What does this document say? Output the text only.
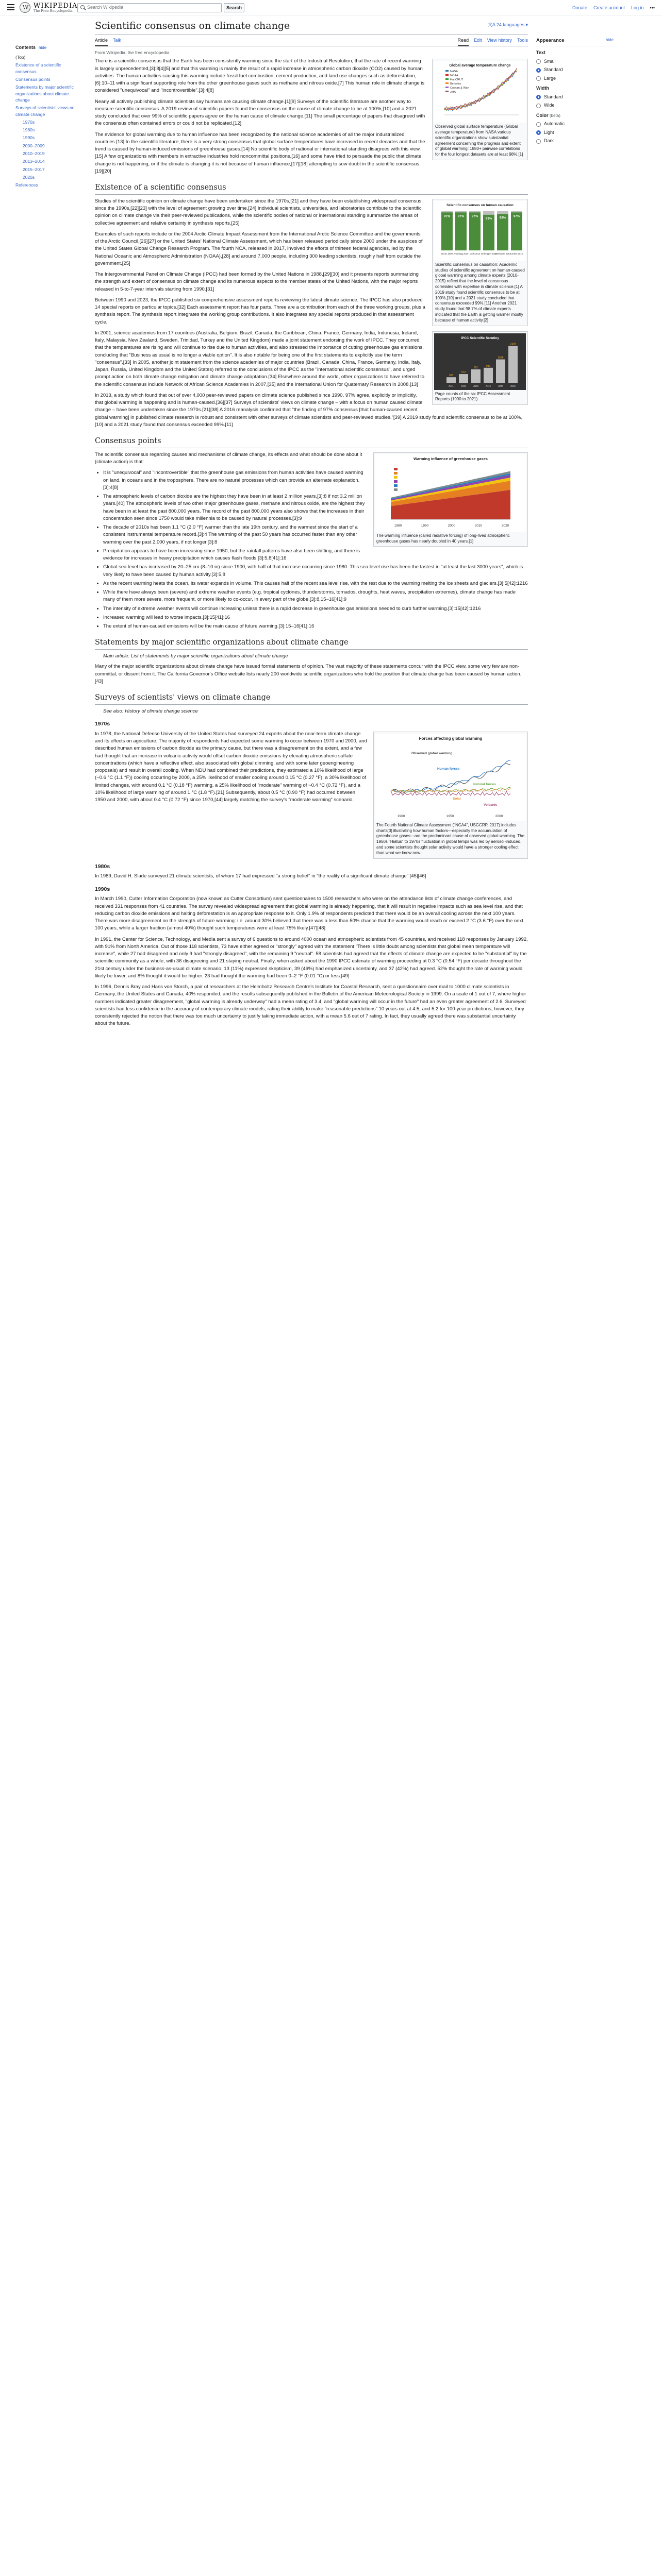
W
WIKIPEDIA
The Free Encyclopedia
Search Wikipedia	Search	Donate Create account Log in •••
Contents hide
(Top)
Existence of a scientific consensus
Consensus points
Statements by major scientific organizations about climate change
Surveys of scientists' views on climate change
1970s
1980s
1990s
2000–2009
2010–2019
2013–2014
2015–2017
2020s
References
Appearance	hide
Text
Small
Standard
Large
Width
Standard
Wide
Color (beta)
Automatic
Light
Dark
Scientific consensus on climate change	文A 24 languages ▾
Article Talk	Read Edit View history Tools
From Wikipedia, the free encyclopedia
Global average temperature change
NASA
NOAA
HadCRUT
Berkeley
Cowtan & Way
JMA
Observed global surface temperature (Global average temperature) from NASA various scientific organizations show substantial agreement concerning the progress and extent of global warming: 1880+ pairwise correlations for the four longest datasets are at least 98%.[1]

There is a scientific consensus that the Earth has been consistently warming since the start of the Industrial Revolution, that the rate of recent warming is largely unprecedented,[3]:8[4][5] and that this warming is mainly the result of a rapid increase in atmospheric carbon dioxide (CO2) caused by human activities. The human activities causing this warming include fossil fuel combustion, cement production, and land use changes such as deforestation,[6]:10–11 with a significant supporting role from the other greenhouse gases such as methane and nitrous oxide.[7] This human role in climate change is considered "unequivocal" and "incontrovertible".[3]:4[8]

Nearly all actively publishing climate scientists say humans are causing climate change.[1][9] Surveys of the scientific literature are another way to measure scientific consensus. A 2019 review of scientific papers found the consensus on the cause of climate change to be at 100%,[10] and a 2021 study concluded that over 99% of scientific papers agree on the human cause of climate change.[11] The small percentage of papers that disagreed with the consensus often contained errors or could not be replicated.[12]

The evidence for global warming due to human influence has been recognized by the national science academies of all the major industrialized countries.[13] In the scientific literature, there is a very strong consensus that global surface temperatures have increased in recent decades and that the trend is caused by human-induced emissions of greenhouse gases.[14] No scientific body of national or international standing disagrees with this view.[15] A few organizations with members in extractive industries hold noncommittal positions,[16] and some have tried to persuade the public that climate change is not happening, or if the climate is changing it is not because of human influence,[17][18] attempting to sow doubt in the scientific consensus.[19][20]

Existence of a scientific consensus
Scientific consensus on human causation
97%
Doran 2009
97%
Anderegg 2010
97%
Cook 2013
91%
Verheggen 2014
93%
Stenhouse 2014
97%
Carlton 2015
Scientific consensus on causation: Academic studies of scientific agreement on human-caused global warming among climate experts (2010-2015) reflect that the level of consensus correlates with expertise in climate science.[1] A 2019 study found scientific consensus to be at 100%,[10] and a 2021 study concluded that consensus exceeded 99%.[11] Another 2021 study found that 98.7% of climate experts indicated that the Earth is getting warmer mostly because of human activity.[2]

Studies of the scientific opinion on climate change have been undertaken since the 1970s,[21] and they have been establishing widespread consensus since the 1990s,[22][23] with the level of agreement growing over time.[24] Individual scientists, universities, and laboratories contribute to the scientific opinion on climate change via their peer-reviewed publications, while the scientific bodies of national or international standing summarize the areas of collective agreement and relative certainty in synthesis reports.[25]

Examples of such reports include or the 2004 Arctic Climate Impact Assessment from the International Arctic Science Committee and the governments of the Arctic Council,[26][27] or the United States' National Climate Assessment, which has been released periodically since 2000 under the auspices of the United States Global Change Research Program. The fourth NCA, released in 2017, involved the efforts of thirteen federal agencies, led by the National Oceanic and Atmospheric Administration (NOAA),[28] and around 7,000 people, including 300 leading scientists, roughly half from outside the government.[25]

The Intergovernmental Panel on Climate Change (IPCC) had been formed by the United Nations in 1988,[29][30] and it presents reports summarizing the strength and extent of consensus on climate change and its numerous aspects to the member states of the United Nations, with the major reports released in 5-to-7-year intervals starting from 1990.[31]

IPCC Scientific Scrutiny
365
AR1
572
AR2
881
AR3
986
AR4
1535
AR5
2409
AR6
Page counts of the six IPCC Assessment Reports (1990 to 2021).

Between 1990 and 2023, the IPCC published six comprehensive assessment reports reviewing the latest climate science. The IPCC has also produced 14 special reports on particular topics.[32] Each assessment report has four parts. Three are a contribution from each of the three working groups, plus a synthesis report. The synthesis report integrates the working group contributions. It also integrates any special reports produced in that assessment cycle.

In 2001, science academies from 17 countries (Australia, Belgium, Brazil, Canada, the Caribbean, China, France, Germany, India, Indonesia, Ireland, Italy, Malaysia, New Zealand, Sweden, Trinidad, Turkey and the United Kingdom) made a joint statement endorsing the work of IPCC. They concurred that the temperatures are rising and will continue to rise due to human activities, and also stressed the importance of cutting greenhouse gas emissions, concluding that "Business as usual is no longer a viable option". It is also notable for being one of the first statements to explicitly use the term "consensus".[33] In 2005, another joint statement from the science academies of major countries (Brazil, Canada, China, France, Germany, India, Italy, Japan, Russia, United Kingdom and the United States) referred to the conclusions of the IPCC as the "international scientific consensus", and urged prompt action on both climate change mitigation and climate change adaptation.[34] Elsewhere around the world, other organizations to have referred to the scientific consensus include Network of African Science Academies in 2007,[35] and the International Union for Quaternary Research in 2008.[13]

In 2013, a study which found that out of over 4,000 peer-reviewed papers on climate science published since 1990, 97% agree, explicitly or implicitly, that global warming is happening and is human-caused.[36][37] Surveys of scientists' views on climate change – with a focus on human caused climate change – have been undertaken since the 1970s.[21][38] A 2016 reanalysis confirmed that "the finding of 97% consensus [that human-caused recent global warming] in published climate research is robust and consistent with other surveys of climate scientists and peer-reviewed studies."[39] A 2019 study found scientific consensus to be at 100%,[10] and a 2021 study found that consensus exceeded 99%.[11]

Consensus points
Warming influence of greenhouse gases
CO2
CH4
N2O
CFC-12
CFC-11
15 others
1980	1990	2000	2010	2020
The warming influence (called radiative forcing) of long-lived atmospheric greenhouse gases has nearly doubled in 40 years.[1]

The scientific consensus regarding causes and mechanisms of climate change, its effects and what should be done about it (climate action) is that:

• It is "unequivocal" and "incontrovertible" that the greenhouse gas emissions from human activities have caused warming on land, in oceans and in the troposphere. There are no natural processes which can provide an alternate explanation.[3]:4[8]
• The atmospheric levels of carbon dioxide are the highest they have been in at least 2 million years,[3]:8 if not 3.2 million years.[40] The atmospheric levels of two other major greenhouse gases, methane and nitrous oxide, are the highest they have been in at least the past 800,000 years. The record of the past 800,000 years also shows that the increases in their concentration seen since 1750 would take millennia to be caused by natural processes.[3]:9
• The decade of 2010s has been 1.1 °C (2.0 °F) warmer than the late 19th century, and the warmest since the start of a consistent instrumental temperature record.[3]:4 The warming of the past 50 years has occurred faster than any other warming over the past 2,000 years, if not longer.[3]:8
• Precipitation appears to have been increasing since 1950, but the rainfall patterns have also been shifting, and there is evidence for increases in heavy precipitation which causes flash floods.[3]:5,8[41]:16
• Global sea level has increased by 20–25 cm (8–10 in) since 1900, with half of that increase occurring since 1980. This sea level rise has been the fastest in "at least the last 3000 years", which is very likely to have been caused by human activity.[3]:5,8
• As the recent warming heats the ocean, its water expands in volume. This causes half of the recent sea level rise, with the rest due to the warming melting the ice sheets and glaciers.[3]:5[42]:1216
• While there have always been (severe) and extreme weather events (e.g. tropical cyclones, thunderstorms, tornados, droughts, heat waves, precipitation extremes), climate change has made many of them more severe, more frequent, or more likely to co-occur, in every part of the globe.[3]:8,15–16[41]:9
• The intensity of extreme weather events will continue increasing unless there is a rapid decrease in greenhouse gas emissions needed to curb further warming.[3]:15[42]:1216
• Increased warming will lead to worse impacts.[3]:15[41]:16
• The extent of human-caused emissions will be the main cause of future warming.[3]:15–16[41]:16
Statements by major scientific organizations about climate change
Main article: List of statements by major scientific organizations about climate change

Many of the major scientific organizations about climate change have issued formal statements of opinion. The vast majority of these statements concur with the IPCC view, some very few are non-committal, or dissent from it. The California Governor's Office website lists nearly 200 worldwide scientific organizations who hold the position that climate change has been caused by human action.[43]

Surveys of scientists' views on climate change
See also: History of climate change science
1970s
Forces affecting global warming
Observed global warming
Human forces
Natural forces
Solar
Volcanic
1900	1950	2000
The Fourth National Climate Assessment ("NCA4", USGCRP, 2017) includes charts[3] illustrating how human factors—especially the accumulation of greenhouse gases—are the predominant cause of observed global warming. The 1950s "Hiatus" to 1970s fluctuation in global temps was led by aerosol-induced, and some scientists thought solar activity would have a stronger cooling effect than what we know now.

In 1978, the National Defense University of the United States had surveyed 24 experts about the near-term climate change and its effects on agriculture. The majority of respondents had expected some warming to occur between 1970 and 2000, and described human emissions of carbon dioxide as the primary cause, but there was a disagreement on the extent, and a few had thought that an increase in volcanic activity would offset carbon dioxide emissions by elevating atmospheric sulfate concentrations (which have a reflective effect, also associated with global dimming, and with some later geoengineering proposals) and result in overall cooling. When NDU had combined their predictions, they estimated a 10% likelihood of large (~0.6 °C (1.1 °F)) cooling occurring by 2000, a 25% likelihood of smaller cooling around 0.15 °C (0.27 °F), a 30% likelihood of limited changes, with around 0.1 °C (0.18 °F) warming, a 25% likelihood of "moderate" warming of ~0.4 °C (0.72 °F), and a 10% likelihood of large warming of around 1 °C (1.8 °F).[21] Subsequently, about 0.5 °C (0.90 °F) had occurred between 1950 and 2000, with about 0.4 °C (0.72 °F) since 1970,[44] largely matching the survey's "moderate warming" scenario.

1980s

In 1989, David H. Slade surveyed 21 climate scientists, of whom 17 had expressed "a strong belief" in "the reality of a significant climate change".[45][46]

1990s

In March 1990, Cutter Information Corporation (now known as Cutter Consortium) sent questionnaires to 1500 researchers who were on the attendance lists of climate change conferences, and received 331 responses from 41 countries. The survey revealed widespread agreement that global warming is already happening, that it will result in negative impacts such as sea level rise, and that reducing carbon dioxide emissions and halting deforestation is an appropriate response to it. Only 1.9% of respondents predicted that there would be an overall cooling across the next 100 years. There was more disagreement on the strength of future warming: i.e. around 30% believed that there was a less than 50% chance that the warming would reach or exceed 2 °C (3.6 °F) over the next 100 years, while a larger fraction (almost 40%) thought such temperatures were at least 75% likely.[47][48]

In 1991, the Center for Science, Technology, and Media sent a survey of 6 questions to around 4000 ocean and atmospheric scientists from 45 countries, and received 118 responses by January 1992, with 91% from North America. Out of those 118 scientists, 73 have either agreed or "strongly" agreed with the statement "There is little doubt among scientists that global mean temperature will increase", while 27 had disagreed and only 9 had "strongly disagreed", with the remaining 9 "neutral". 58 scientists had agreed that the effects of climate change are expected to be "substantial" by the scientific community as a whole, with 36 disagreeing and 21 staying neutral. Finally, when asked about the 1990 IPCC estimate of warming proceeding at 0.3 °C (0.54 °F) per decade throughout the 21st century under the business-as-usual climate scenario, 13 (11%) expressed skepticism, 39 (46%) had emphasized uncertainty, and 37 (42%) had agreed. 52% thought the rate of warming would likely be lower, and 8% thought it would be higher. 23 had thought the warming had been 0–2 °F (0.01 °C) or less.[49]

In 1996, Dennis Bray and Hans von Storch, a pair of researchers at the Helmholtz Research Centre's Institute for Coastal Research, sent a questionnaire over mail to 1000 climate scientists in Germany, the United States and Canada, 40% responded, and the results subsequently published in the Bulletin of the American Meteorological Society in 1999. On a scale of 1 out of 7, where higher numbers indicated greater disagreement, "global warming is already underway" had a mean rating of 3.4, and "global warming will occur in the future" had an even greater agreement of 2.6. Surveyed scientists had less confidence in the accuracy of contemporary climate models, rating their ability to make "reasonable predictions" 10 years out at 4.5, and 5.2 for 100-year predictions; however, they consistently rejected the notion that there was too much uncertainty to justify taking immediate action, with a mean 5.6 out of 7 rating. In fact, they usually agreed there was substantial uncertainty about the future.
